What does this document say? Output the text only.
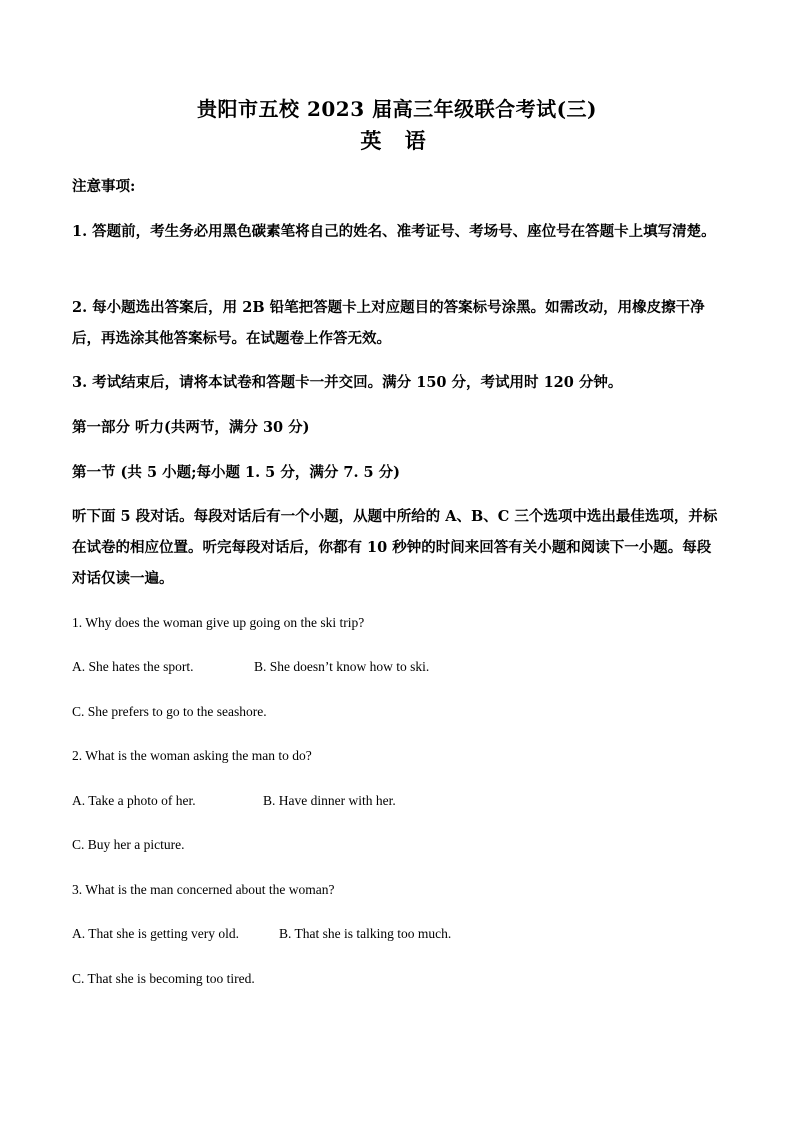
贵阳市五校 2023 届高三年级联合考试(三)
英 语
注意事项:
1. 答题前，考生务必用黑色碳素笔将自己的姓名、准考证号、考场号、座位号在答题卡上填写清楚。
2. 每小题选出答案后，用 2B 铅笔把答题卡上对应题目的答案标号涂黑。如需改动，用橡皮擦干净后，再选涂其他答案标号。在试题卷上作答无效。
3. 考试结束后，请将本试卷和答题卡一并交回。满分 150 分，考试用时 120 分钟。
第一部分 听力(共两节，满分 30 分)
第一节 (共 5 小题;每小题 1. 5 分，满分 7. 5 分)
听下面 5 段对话。每段对话后有一个小题，从题中所给的 A、B、C 三个选项中选出最佳选项，并标在试卷的相应位置。听完每段对话后，你都有 10 秒钟的时间来回答有关小题和阅读下一小题。每段对话仅读一遍。
1. Why does the woman give up going on the ski trip?
A. She hates the sport.	B. She doesn’t know how to ski.
C. She prefers to go to the seashore.
2. What is the woman asking the man to do?
A. Take a photo of her.	B. Have dinner with her.
C. Buy her a picture.
3. What is the man concerned about the woman?
A. That she is getting very old.	B. That she is talking too much.
C. That she is becoming too tired.
